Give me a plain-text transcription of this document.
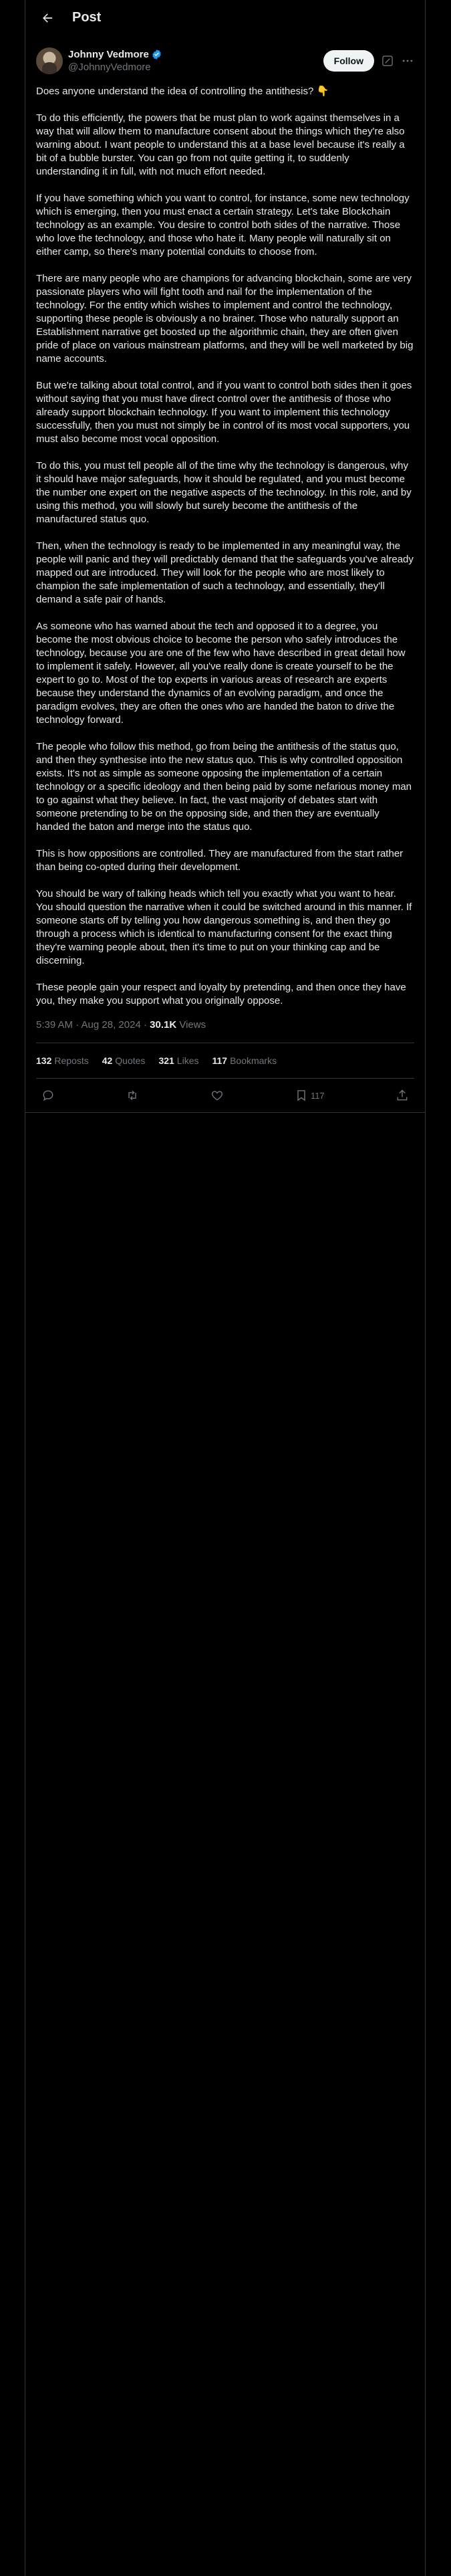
Post
Johnny Vedmore
@JohnnyVedmore
Follow

Does anyone understand the idea of controlling the antithesis? 👇

To do this efficiently, the powers that be must plan to work against themselves in a way that will allow them to manufacture consent about the things which they're also warning about. I want people to understand this at a base level because it's really a bit of a bubble burster. You can go from not quite getting it, to suddenly understanding it in full, with not much effort needed.

If you have something which you want to control, for instance, some new technology which is emerging, then you must enact a certain strategy. Let's take Blockchain technology as an example. You desire to control both sides of the narrative. Those who love the technology, and those who hate it. Many people will naturally sit on either camp, so there's many potential conduits to choose from.

There are many people who are champions for advancing blockchain, some are very passionate players who will fight tooth and nail for the implementation of the technology. For the entity which wishes to implement and control the technology, supporting these people is obviously a no brainer. Those who naturally support an Establishment narrative get boosted up the algorithmic chain, they are often given pride of place on various mainstream platforms, and they will be well marketed by big name accounts.

But we're talking about total control, and if you want to control both sides then it goes without saying that you must have direct control over the antithesis of those who already support blockchain technology. If you want to implement this technology successfully, then you must not simply be in control of its most vocal supporters, you must also become most vocal opposition.

To do this, you must tell people all of the time why the technology is dangerous, why it should have major safeguards, how it should be regulated, and you must become the number one expert on the negative aspects of the technology. In this role, and by using this method, you will slowly but surely become the antithesis of the manufactured status quo.

Then, when the technology is ready to be implemented in any meaningful way, the people will panic and they will predictably demand that the safeguards you've already mapped out are introduced. They will look for the people who are most likely to champion the safe implementation of such a technology, and essentially, they'll demand a safe pair of hands.

As someone who has warned about the tech and opposed it to a degree, you become the most obvious choice to become the person who safely introduces the technology, because you are one of the few who have described in great detail how to implement it safely. However, all you've really done is create yourself to be the expert to go to. Most of the top experts in various areas of research are experts because they understand the dynamics of an evolving paradigm, and once the paradigm evolves, they are often the ones who are handed the baton to drive the technology forward.

The people who follow this method, go from being the antithesis of the status quo, and then they synthesise into the new status quo. This is why controlled opposition exists. It's not as simple as someone opposing the implementation of a certain technology or a specific ideology and then being paid by some nefarious money man to go against what they believe. In fact, the vast majority of debates start with someone pretending to be on the opposing side, and then they are eventually handed the baton and merge into the status quo.

This is how oppositions are controlled. They are manufactured from the start rather than being co-opted during their development.

You should be wary of talking heads which tell you exactly what you want to hear. You should question the narrative when it could be switched around in this manner. If someone starts off by telling you how dangerous something is, and then they go through a process which is identical to manufacturing consent for the exact thing they're warning people about, then it's time to put on your thinking cap and be discerning.

These people gain your respect and loyalty by pretending, and then once they have you, they make you support what you originally oppose.

5:39 AM · Aug 28, 2024 · 30.1K Views
132 Reposts 42 Quotes 321 Likes 117 Bookmarks
117
